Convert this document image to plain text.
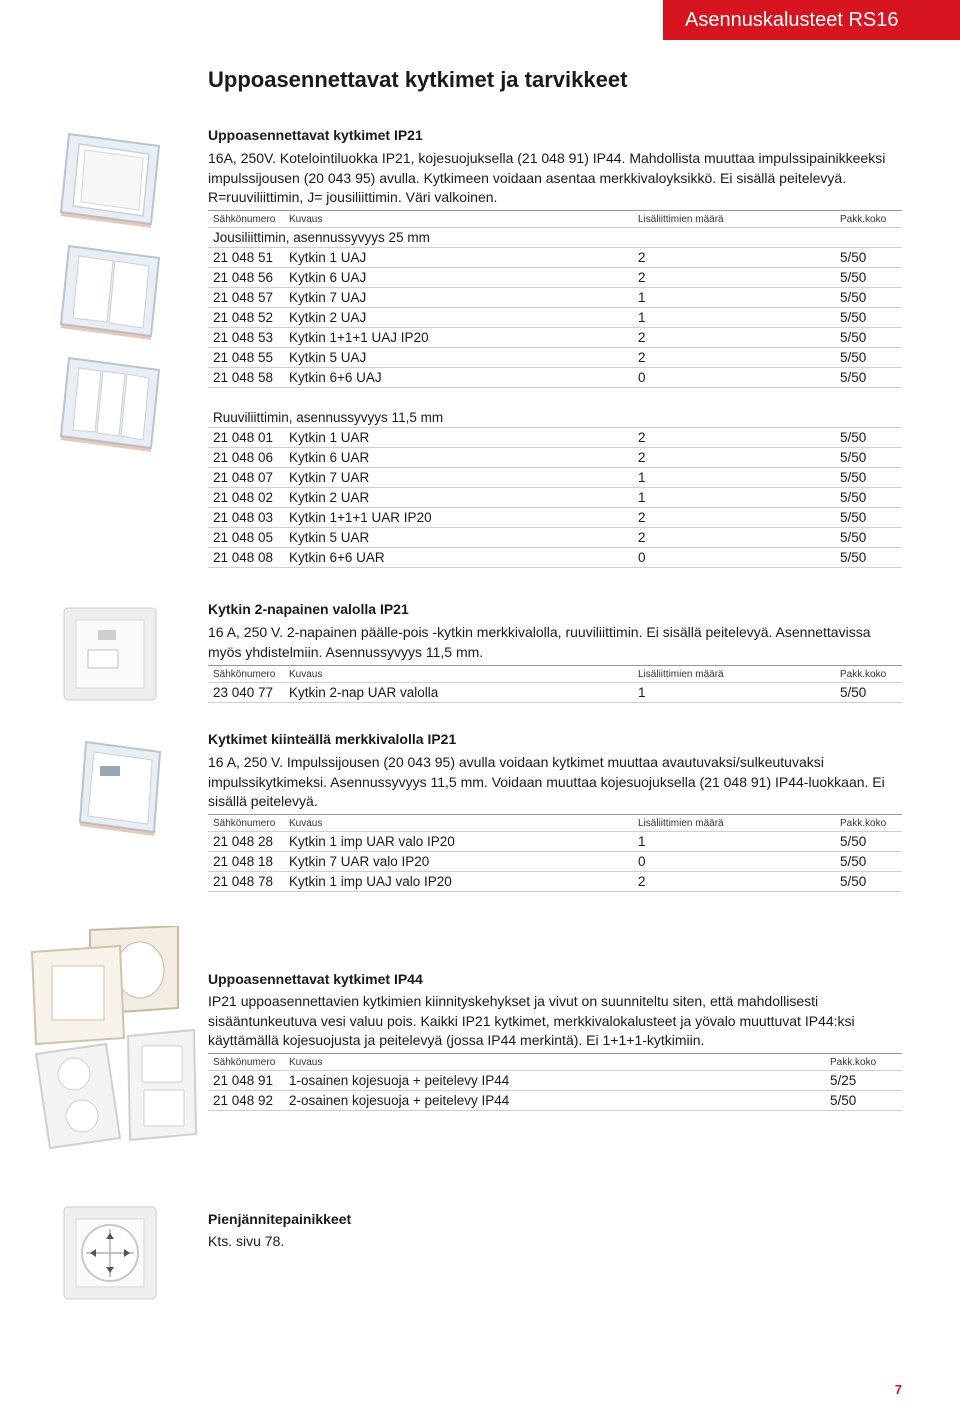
Asennuskalusteet RS16
Uppoasennettavat kytkimet ja tarvikkeet
Uppoasennettavat kytkimet IP21
16A, 250V. Kotelointiluokka IP21, kojesuojuksella (21 048 91) IP44. Mahdollista muuttaa impulssipainikkeeksi impulssijousen (20 043 95) avulla. Kytkimeen voidaan asentaa merkkivaloyksikkö. Ei sisällä peitelevyä. R=ruuviliittimin, J= jousiliittimin. Väri valkoinen.
Sähkönumero	Kuvaus	Lisäliittimien määrä	Pakk.koko
Jousiliittimin, asennussyvyys 25 mm			
21 048 51	Kytkin 1 UAJ	2	5/50
21 048 56	Kytkin 6 UAJ	2	5/50
21 048 57	Kytkin 7 UAJ	1	5/50
21 048 52	Kytkin 2 UAJ	1	5/50
21 048 53	Kytkin 1+1+1 UAJ IP20	2	5/50
21 048 55	Kytkin 5 UAJ	2	5/50
21 048 58	Kytkin 6+6 UAJ	0	5/50

Ruuviliittimin, asennussyvyys 11,5 mm			
21 048 01	Kytkin 1 UAR	2	5/50
21 048 06	Kytkin 6 UAR	2	5/50
21 048 07	Kytkin 7 UAR	1	5/50
21 048 02	Kytkin 2 UAR	1	5/50
21 048 03	Kytkin 1+1+1 UAR IP20	2	5/50
21 048 05	Kytkin 5 UAR	2	5/50
21 048 08	Kytkin 6+6 UAR	0	5/50
Kytkin 2-napainen valolla IP21
16 A, 250 V. 2-napainen päälle-pois -kytkin merkkivalolla, ruuviliittimin. Ei sisällä peitelevyä. Asennettavissa myös yhdistelmiin. Asennussyvyys 11,5 mm.
Sähkönumero	Kuvaus	Lisäliittimien määrä	Pakk.koko
23 040 77	Kytkin 2-nap UAR valolla	1	5/50
Kytkimet kiinteällä merkkivalolla IP21
16 A, 250 V. Impulssijousen (20 043 95) avulla voidaan kytkimet muuttaa avautuvaksi/sulkeutuvaksi impulssikytkimeksi. Asennussyvyys 11,5 mm. Voidaan muuttaa kojesuojuksella (21 048 91) IP44-luokkaan. Ei sisällä peitelevyä.
Sähkönumero	Kuvaus	Lisäliittimien määrä	Pakk.koko
21 048 28	Kytkin 1 imp UAR valo IP20	1	5/50
21 048 18	Kytkin 7 UAR valo IP20	0	5/50
21 048 78	Kytkin 1 imp UAJ valo IP20	2	5/50
Uppoasennettavat kytkimet IP44
IP21 uppoasennettavien kytkimien kiinnityskehykset ja vivut on suunniteltu siten, että mahdollisesti sisääntunkeutuva vesi valuu pois. Kaikki IP21 kytkimet, merkkivalokalusteet ja yövalo muuttuvat IP44:ksi käyttämällä kojesuojusta ja peitelevyä (jossa IP44 merkintä). Ei 1+1+1-kytkimiin.
Sähkönumero	Kuvaus	Pakk.koko
21 048 91	1-osainen kojesuoja + peitelevy IP44	5/25
21 048 92	2-osainen kojesuoja + peitelevy IP44	5/50
Pienjännitepainikkeet
Kts. sivu 78.
7
